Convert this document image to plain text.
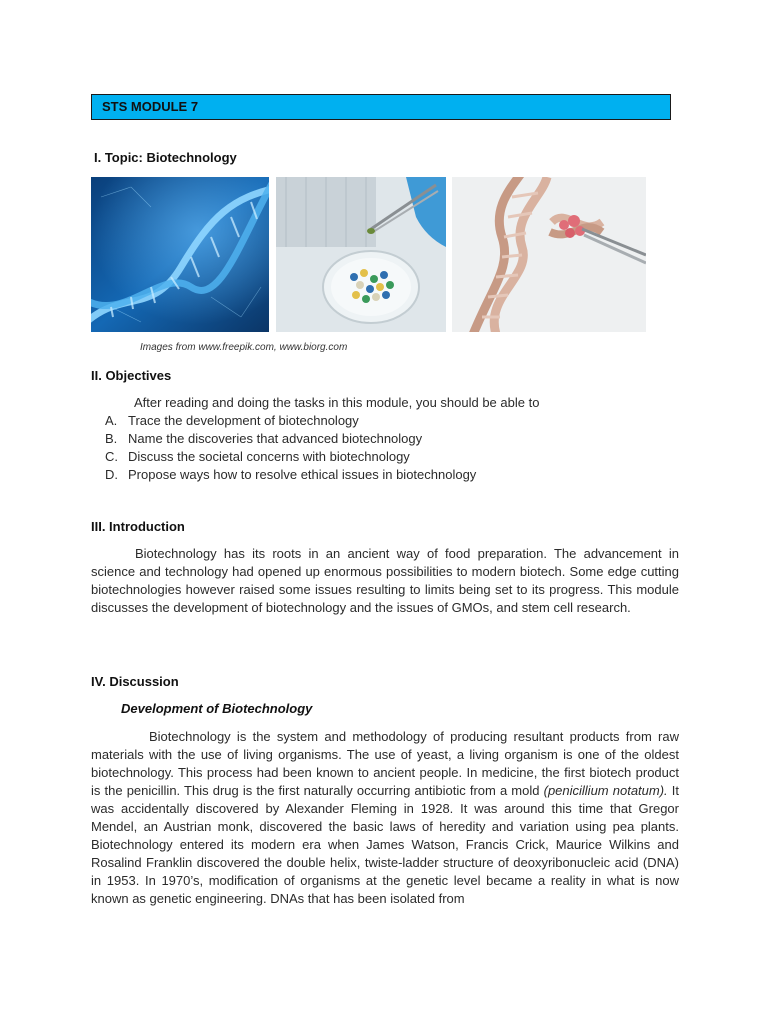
STS MODULE 7
I. Topic: Biotechnology
Images from www.freepik.com, www.biorg.com
II. Objectives
After reading and doing the tasks in this module, you should be able to
A. Trace the development of biotechnology
B. Name the discoveries that advanced biotechnology
C. Discuss the societal concerns with biotechnology
D. Propose ways how to resolve ethical issues in biotechnology
III. Introduction
Biotechnology has its roots in an ancient way of food preparation. The advancement in science and technology had opened up enormous possibilities to modern biotech. Some edge cutting biotechnologies however raised some issues resulting to limits being set to its progress. This module discusses the development of biotechnology and the issues of GMOs, and stem cell research.
IV. Discussion
Development of Biotechnology
Biotechnology is the system and methodology of producing resultant products from raw materials with the use of living organisms. The use of yeast, a living organism is one of the oldest biotechnology. This process had been known to ancient people. In medicine, the first biotech product is the penicillin. This drug is the first naturally occurring antibiotic from a mold (penicillium notatum). It was accidentally discovered by Alexander Fleming in 1928. It was around this time that Gregor Mendel, an Austrian monk, discovered the basic laws of heredity and variation using pea plants. Biotechnology entered its modern era when James Watson, Francis Crick, Maurice Wilkins and Rosalind Franklin discovered the double helix, twiste-ladder structure of deoxyribonucleic acid (DNA) in 1953. In 1970’s, modification of organisms at the genetic level became a reality in what is now known as genetic engineering. DNAs that has been isolated from
